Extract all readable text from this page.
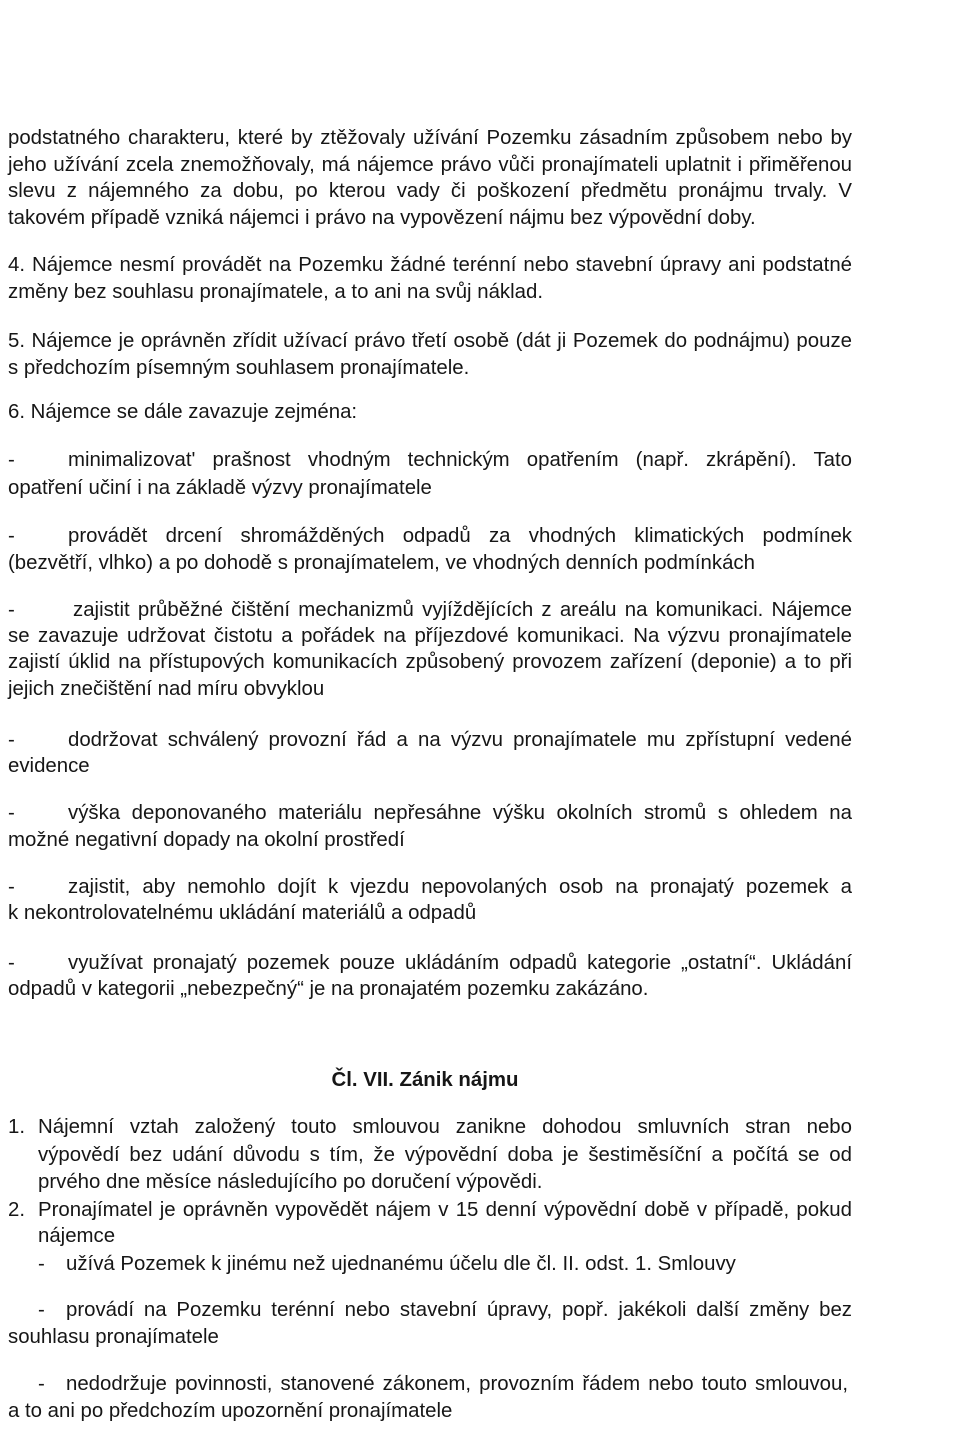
podstatného charakteru, které by ztěžovaly užívání Pozemku zásadním způsobem nebo by
jeho užívání zcela znemožňovaly, má nájemce právo vůči pronajímateli uplatnit i přiměřenou
slevu z nájemného za dobu, po kterou vady či poškození předmětu pronájmu trvaly. V
takovém případě vzniká nájemci i právo na vypovězení nájmu bez výpovědní doby.
4. Nájemce nesmí provádět na Pozemku žádné terénní nebo stavební úpravy ani podstatné
změny bez souhlasu pronajímatele, a to ani na svůj náklad.
5. Nájemce je oprávněn zřídit užívací právo třetí osobě (dát ji Pozemek do podnájmu) pouze
s předchozím písemným souhlasem pronajímatele.
6. Nájemce se dále zavazuje zejména:
-	minimalizovat' prašnost vhodným technickým opatřením (např. zkrápění). Tato
opatření učiní i na základě výzvy pronajímatele
-	provádět drcení shromážděných odpadů za vhodných klimatických podmínek
(bezvětří, vlhko) a po dohodě s pronajímatelem, ve vhodných denních podmínkách
-	zajistit průběžné čištění mechanizmů vyjíždějících z areálu na komunikaci. Nájemce
se zavazuje udržovat čistotu a pořádek na příjezdové komunikaci. Na výzvu pronajímatele
zajistí úklid na přístupových komunikacích způsobený provozem zařízení (deponie) a to při
jejich znečištění nad míru obvyklou
-	dodržovat schválený provozní řád a na výzvu pronajímatele mu zpřístupní vedené
evidence
-	výška deponovaného materiálu nepřesáhne výšku okolních stromů s ohledem na
možné negativní dopady na okolní prostředí
-	zajistit, aby nemohlo dojít k vjezdu nepovolaných osob na pronajatý pozemek a
k nekontrolovatelnému ukládání materiálů a odpadů
-	využívat pronajatý pozemek pouze ukládáním odpadů kategorie „ostatní“. Ukládání
odpadů v kategorii „nebezpečný“ je na pronajatém pozemku zakázáno.
Čl. VII. Zánik nájmu
1. Nájemní vztah založený touto smlouvou zanikne dohodou smluvních stran nebo
výpovědí bez udání důvodu s tím, že výpovědní doba je šestiměsíční a počítá se od
prvého dne měsíce následujícího po doručení výpovědi.
2. Pronajímatel je oprávněn vypovědět nájem v 15 denní výpovědní době v případě, pokud
nájemce
-	užívá Pozemek k jinému než ujednanému účelu dle čl. II. odst. 1. Smlouvy
-	provádí na Pozemku terénní nebo stavební úpravy, popř. jakékoli další změny bez
souhlasu pronajímatele
-	nedodržuje povinnosti, stanovené zákonem, provozním řádem nebo touto smlouvou,
a to ani po předchozím upozornění pronajímatele
